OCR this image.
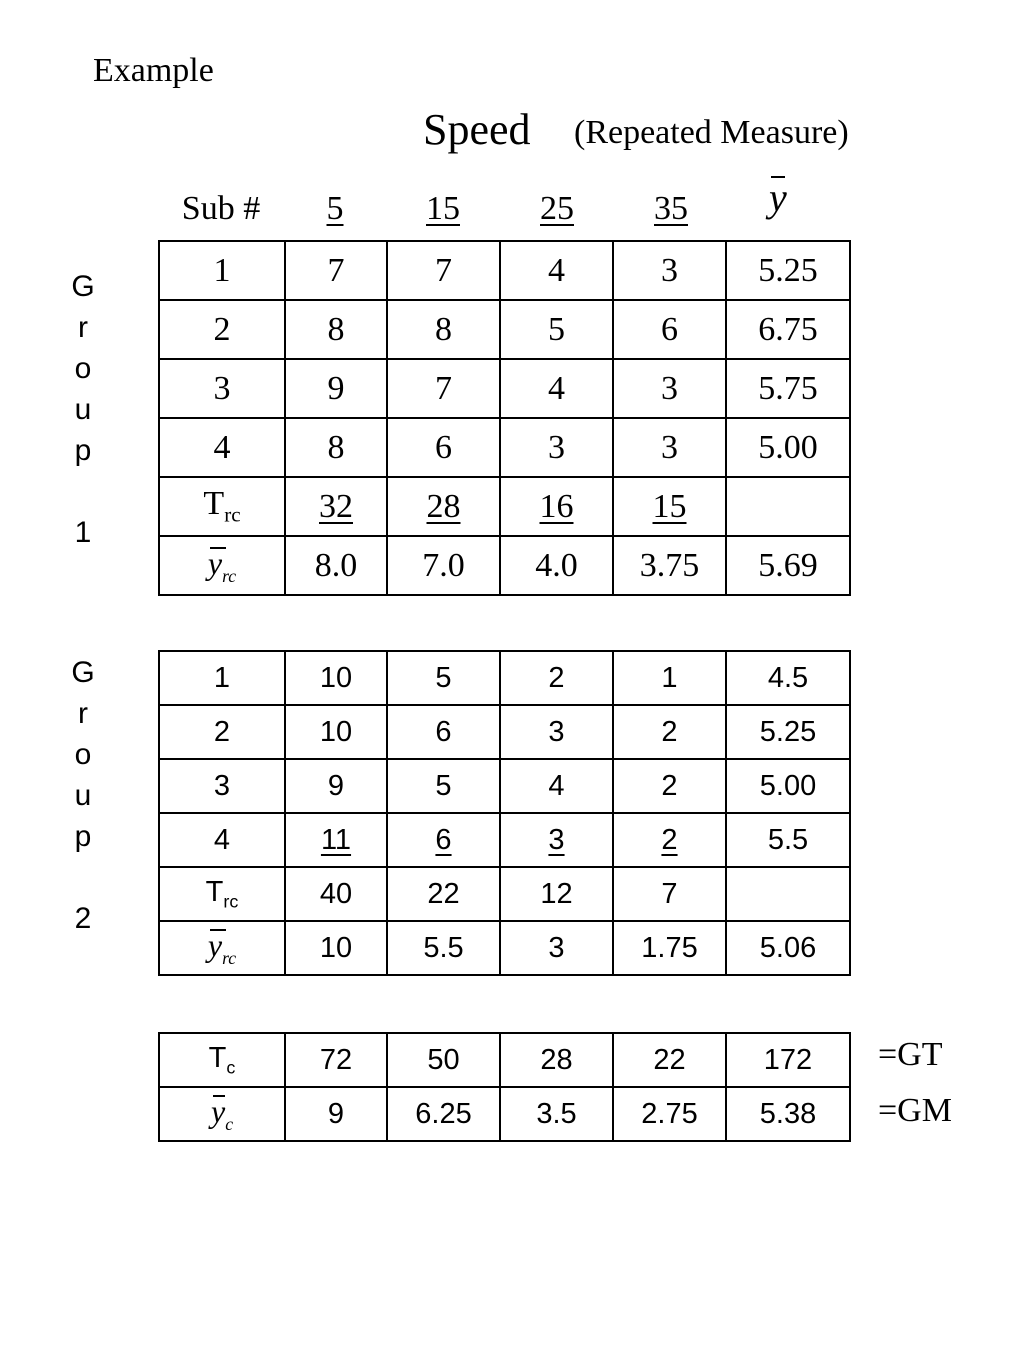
Example
Speed (Repeated Measure)
Sub #	5	15	25	35	y
G
r
o
u
p

1
1	7	7	4	3	5.25
2	8	8	5	6	6.75
3	9	7	4	3	5.75
4	8	6	3	3	5.00
$T_{rc}$	32	28	16	15	

$y_{rc}$	8.0	7.0	4.0	3.75	5.69
G
r
o
u
p

2
1	10	5	2	1	4.5
2	10	6	3	2	5.25
3	9	5	4	2	5.00
4	11	6	3	2	5.5
$T_{rc}$	40	22	12	7	

$y_{rc}$	10	5.5	3	1.75	5.06
$T_c$	72	50	28	22	172

$y_c$	9	6.25	3.5	2.75	5.38
=GT
=GM
